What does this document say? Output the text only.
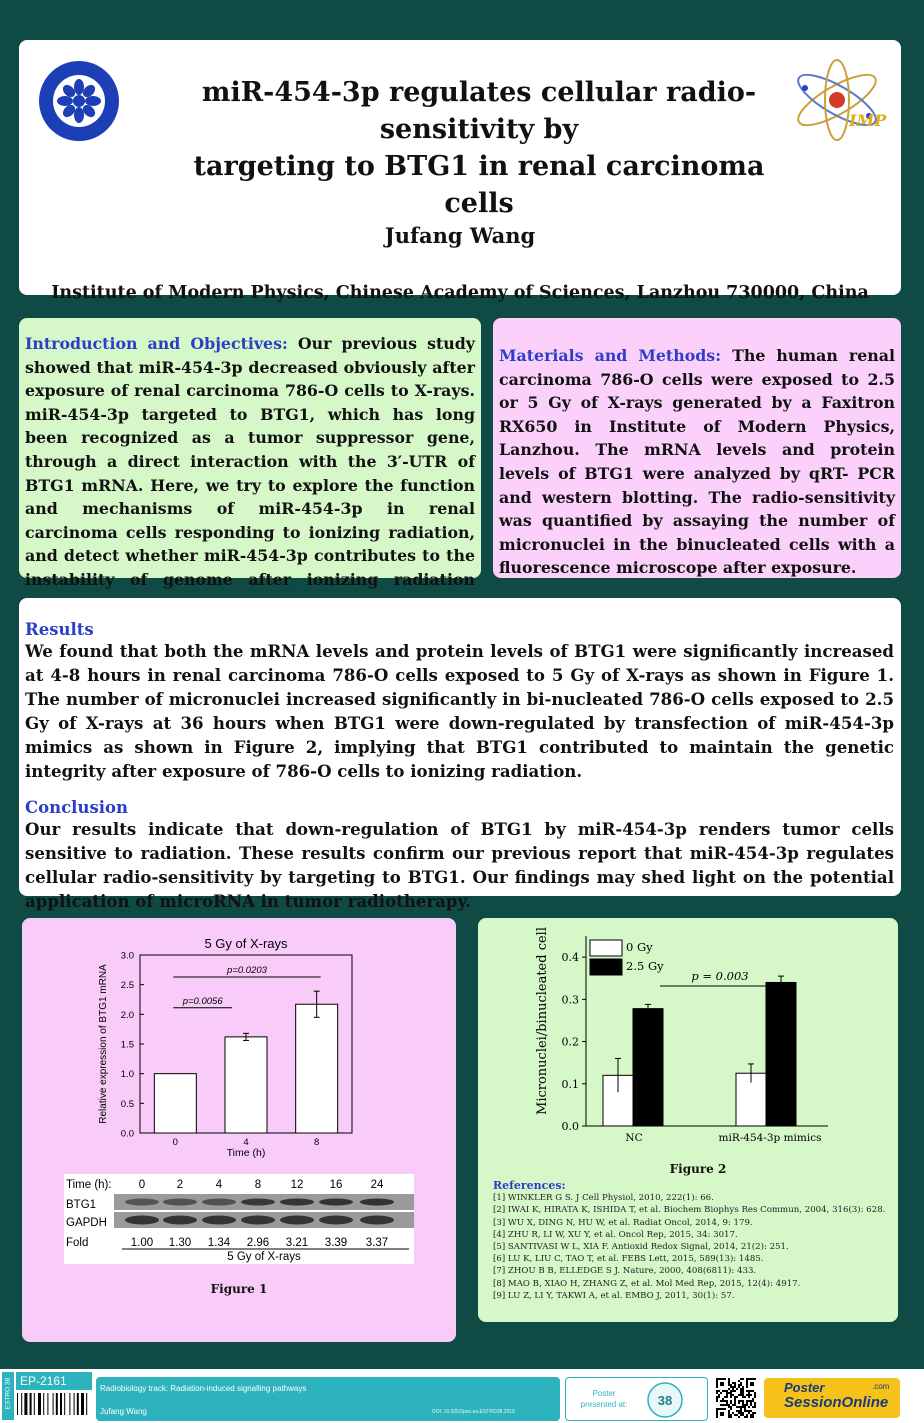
IMP
miR-454-3p regulates cellular radio-sensitivity by
targeting to BTG1 in renal carcinoma cells
Jufang Wang
Institute of Modern Physics, Chinese Academy of Sciences, Lanzhou 730000, China

Introduction and Objectives: Our previous study showed that miR-454-3p decreased obviously after exposure of renal carcinoma 786-O cells to X-rays. miR-454-3p targeted to BTG1, which has long been recognized as a tumor suppressor gene, through a direct interaction with the 3′-UTR of BTG1 mRNA. Here, we try to explore the function and mechanisms of miR-454-3p in renal carcinoma cells responding to ionizing radiation, and detect whether miR-454-3p contributes to the instability of genome after ionizing radiation

Materials and Methods: The human renal carcinoma 786-O cells were exposed to 2.5 or 5 Gy of X-rays generated by a Faxitron RX650 in Institute of Modern Physics, Lanzhou. The mRNA levels and protein levels of BTG1 were analyzed by qRT- PCR and western blotting. The radio-sensitivity was quantified by assaying the number of micronuclei in the binucleated cells with a fluorescence microscope after exposure.

Results

We found that both the mRNA levels and protein levels of BTG1 were significantly increased at 4-8 hours in renal carcinoma 786-O cells exposed to 5 Gy of X-rays as shown in Figure 1. The number of micronuclei increased significantly in bi-nucleated 786-O cells exposed to 2.5 Gy of X-rays at 36 hours when BTG1 were down-regulated by transfection of miR-454-3p mimics as shown in Figure 2, implying that BTG1 contributed to maintain the genetic integrity after exposure of 786-O cells to ionizing radiation.

Conclusion

Our results indicate that down-regulation of BTG1 by miR-454-3p renders tumor cells sensitive to radiation. These results confirm our previous report that miR-454-3p regulates cellular radio-sensitivity by targeting to BTG1. Our findings may shed light on the potential application of microRNA in tumor radiotherapy.

5 Gy of X-rays
0.0
0.5
1.0
1.5
2.0
2.5
3.0
Relative expression of BTG1 mRNA
0	4	8
Time (h)
p=0.0203
p=0.0056
Time (h): 0	2	4	8	12 16 24
BTG1
GAPDH
Fold	1.00 1.30 1.34 2.96 3.21 3.39 3.37
5 Gy of X-rays
Figure 1
0.0
0.1
0.2
0.3
0.4
Micronuclei/binucleated cell
NC	miR-454-3p mimics
0 Gy
2.5 Gy
p = 0.003
Figure 2
References:
[1] WINKLER G S. J Cell Physiol, 2010, 222(1): 66.
[2] IWAI K, HIRATA K, ISHIDA T, et al. Biochem Biophys Res Commun, 2004, 316(3): 628.
[3] WU X, DING N, HU W, et al. Radiat Oncol, 2014, 9: 179.
[4] ZHU R, LI W, XU Y, et al. Oncol Rep, 2015, 34: 3017.
[5] SANTIVASI W L, XIA F. Antioxid Redox Signal, 2014, 21(2): 251.
[6] LU K, LIU C, TAO T, et al. FEBS Lett, 2015, 589(13): 1485.
[7] ZHOU B B, ELLEDGE S J. Nature, 2000, 408(6811): 433.
[8] MAO B, XIAO H, ZHANG Z, et al. Mol Med Rep, 2015, 12(4): 4917.
[9] LU Z, LI Y, TAKWI A, et al. EMBO J, 2011, 30(1): 57.
ESTRO 38 EP-2161
Radiobiology track: Radiation-induced signalling pathways
Jufang Wang	DOI: 10.3252/pso.eu.ESTRO38.2019
Poster
presented at:	38
Poster
SessionOnline
.com
